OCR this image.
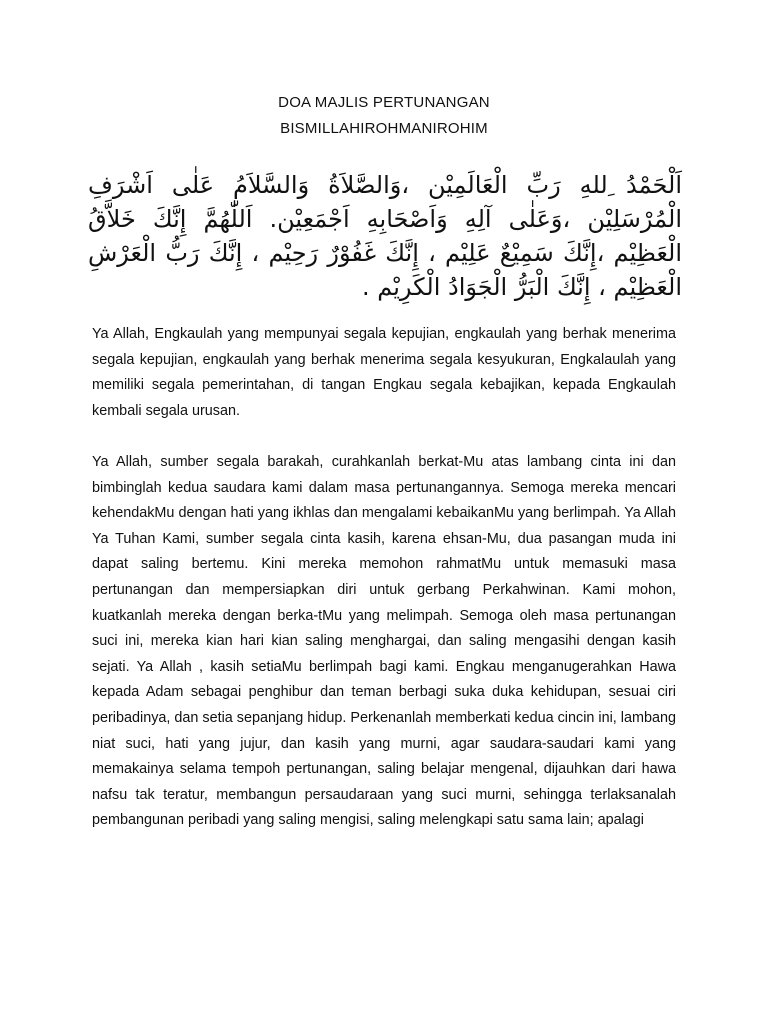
DOA MAJLIS PERTUNANGAN
BISMILLAHIROHMANIROHIM
اَلْحَمْدُ ِللهِ رَبِّ الْعَالَمِيْن ،وَالصَّلاَةُ وَالسَّلاَمُ عَلٰى اَشْرَفِ الْمُرْسَلِيْن ،وَعَلٰى آلِهِ وَاَصْحَابِهِ اَجْمَعِيْن. اَللّٰهُمَّ إِنَّكَ خَلاَّقُ الْعَظِيْم ،إِنَّكَ سَمِيْعٌ عَلِيْم ، إِنَّكَ غَفُوْرٌ رَحِيْم ، إِنَّكَ رَبُّ الْعَرْشِ الْعَظِيْم ، إِنَّكَ الْبَرُّ الْجَوَادُ الْكَرِيْم .
Ya Allah, Engkaulah yang mempunyai segala kepujian, engkaulah yang berhak menerima segala kepujian, engkaulah yang berhak menerima segala kesyukuran, Engkalaulah yang memiliki segala pemerintahan, di tangan Engkau segala kebajikan, kepada Engkaulah kembali segala urusan.
Ya Allah, sumber segala barakah, curahkanlah berkat-Mu atas lambang cinta ini dan bimbinglah kedua saudara kami dalam masa pertunangannya. Semoga mereka mencari kehendakMu dengan hati yang ikhlas dan mengalami kebaikanMu yang berlimpah. Ya Allah Ya Tuhan Kami, sumber segala cinta kasih, karena ehsan-Mu, dua pasangan muda ini dapat saling bertemu. Kini mereka memohon rahmatMu untuk memasuki masa pertunangan dan mempersiapkan diri untuk gerbang Perkahwinan. Kami mohon, kuatkanlah mereka dengan berka-tMu yang melimpah. Semoga oleh masa pertunangan suci ini, mereka kian hari kian saling menghargai, dan saling mengasihi dengan kasih sejati. Ya Allah , kasih setiaMu berlimpah bagi kami. Engkau menganugerahkan Hawa kepada Adam sebagai penghibur dan teman berbagi suka duka kehidupan, sesuai ciri peribadinya, dan setia sepanjang hidup. Perkenanlah memberkati kedua cincin ini, lambang niat suci, hati yang jujur, dan kasih yang murni, agar saudara-saudari kami yang memakainya selama tempoh pertunangan, saling belajar mengenal, dijauhkan dari hawa nafsu tak teratur, membangun persaudaraan yang suci murni, sehingga terlaksanalah pembangunan peribadi yang saling mengisi, saling melengkapi satu sama lain; apalagi
